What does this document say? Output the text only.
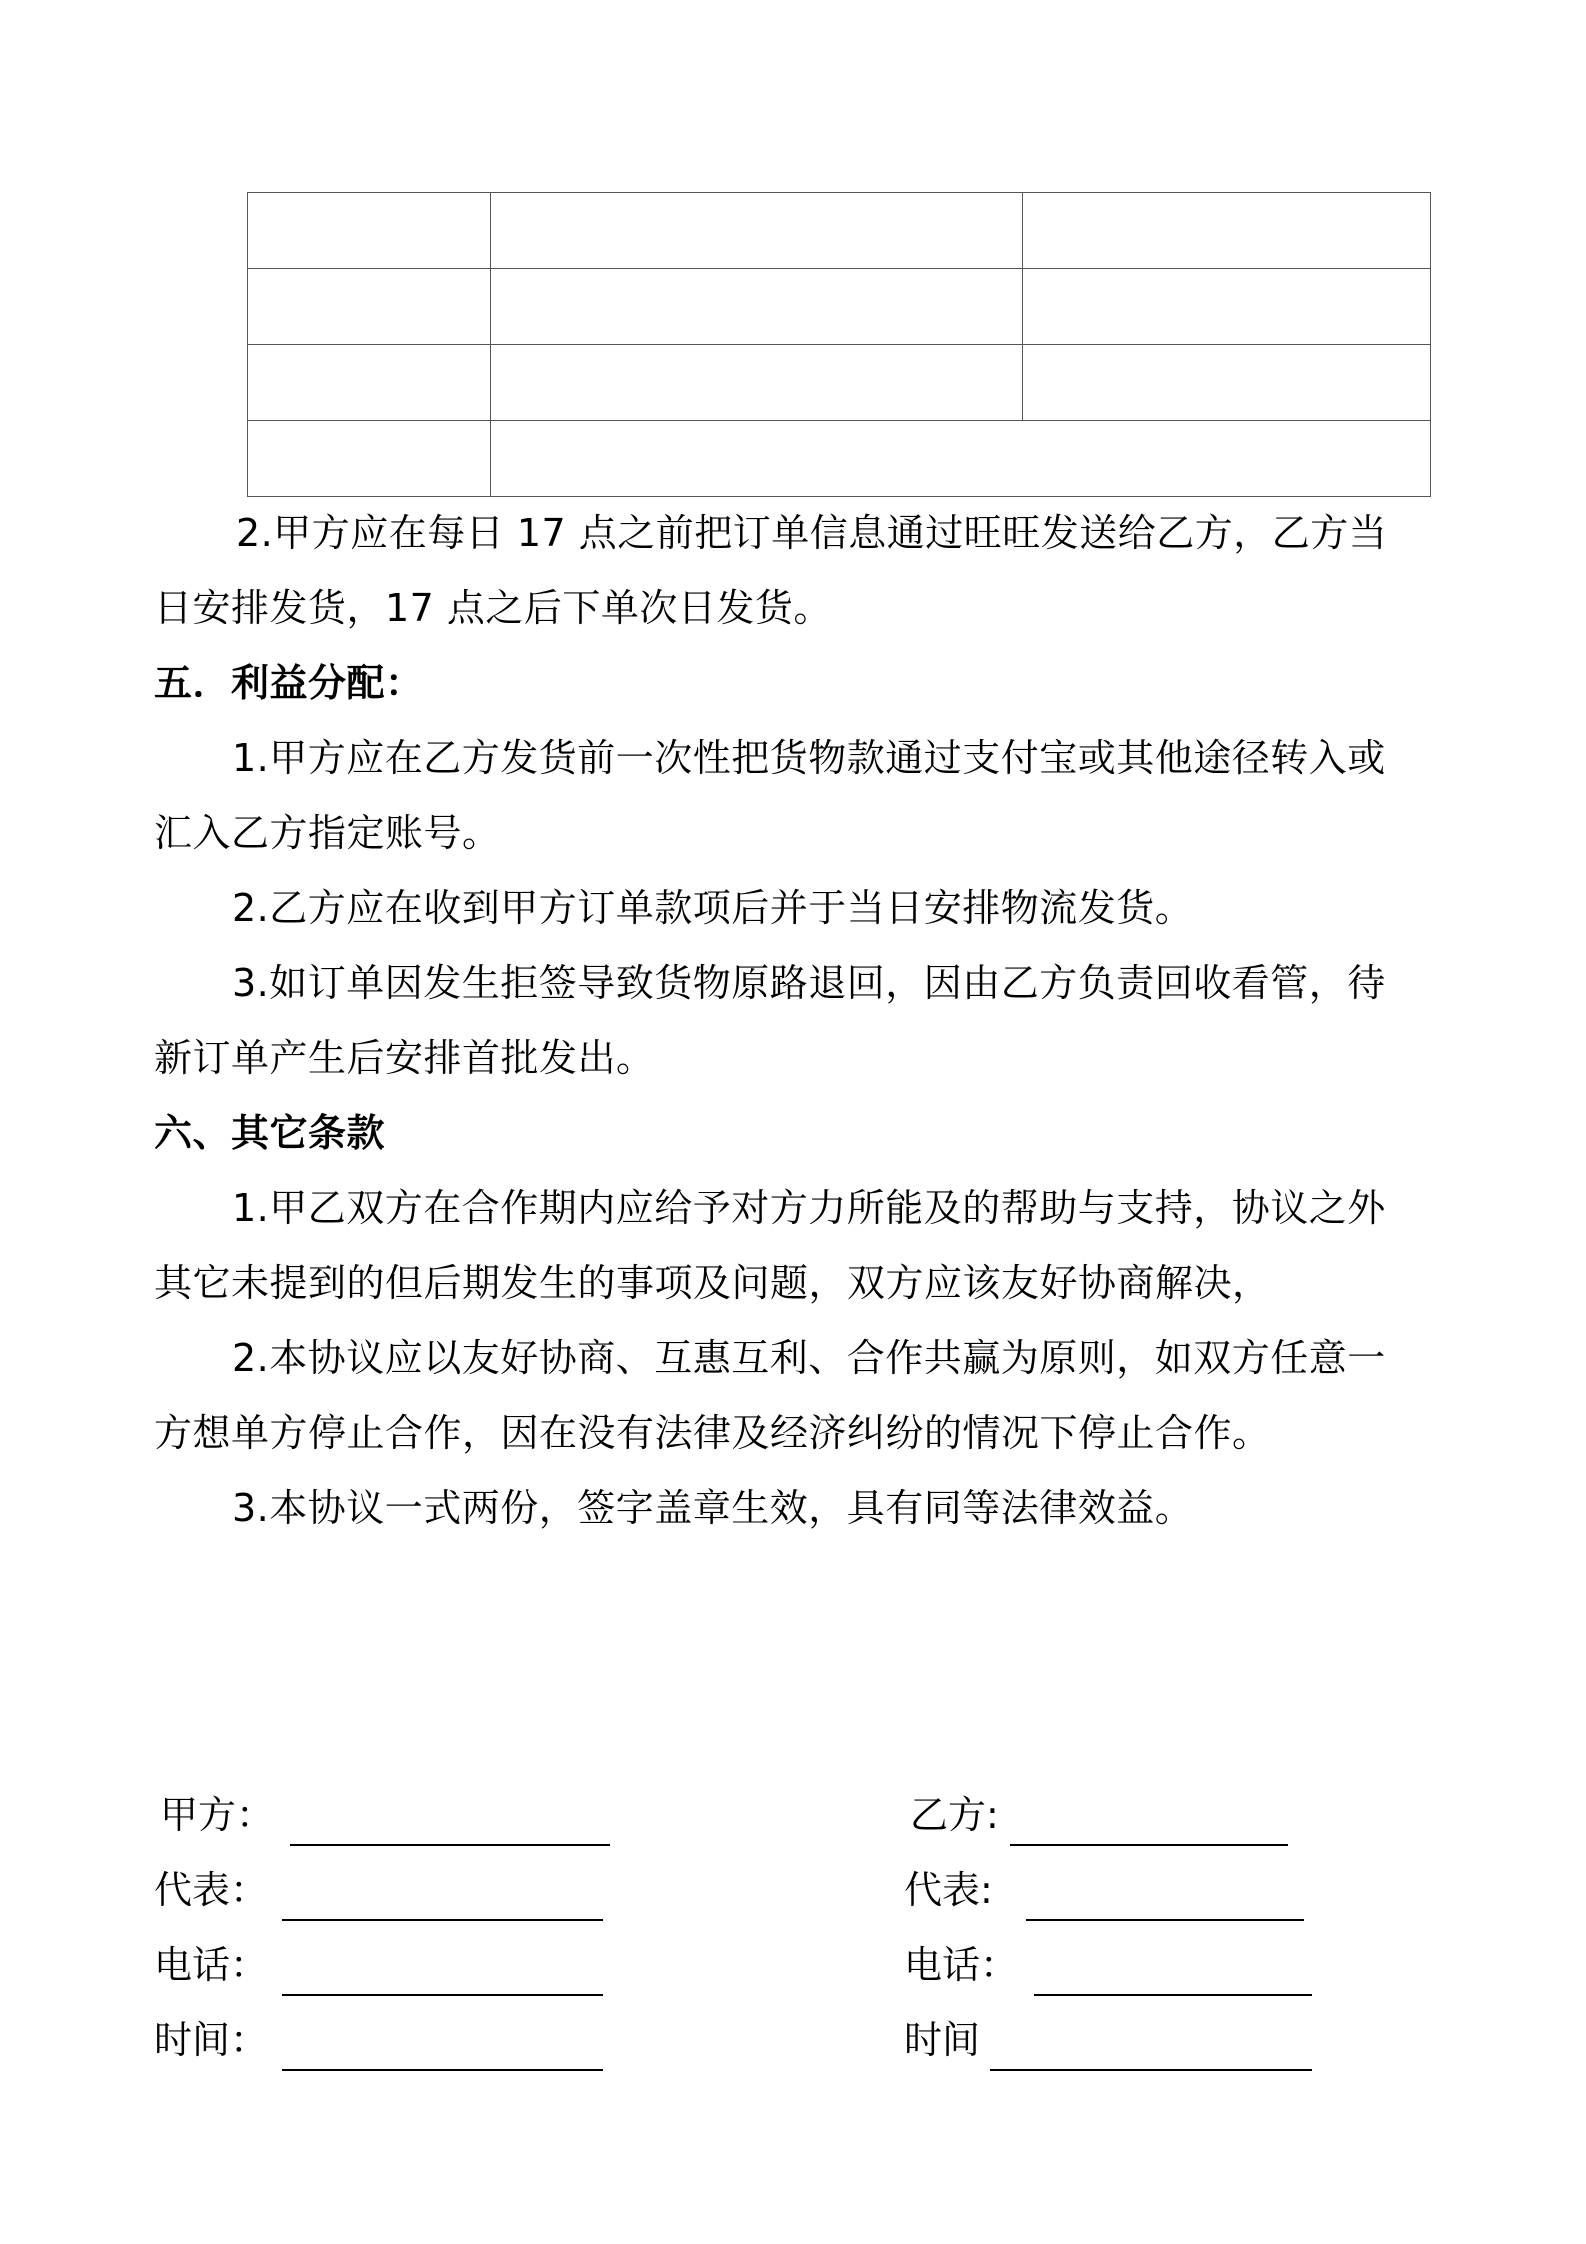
2.甲方应在每日 17 点之前把订单信息通过旺旺发送给乙方，乙方当
日安排发货，17 点之后下单次日发货。
五．利益分配：
1.甲方应在乙方发货前一次性把货物款通过支付宝或其他途径转入或
汇入乙方指定账号。
2.乙方应在收到甲方订单款项后并于当日安排物流发货。
3.如订单因发生拒签导致货物原路退回，因由乙方负责回收看管，待
新订单产生后安排首批发出。
六、其它条款
1.甲乙双方在合作期内应给予对方力所能及的帮助与支持，协议之外
其它未提到的但后期发生的事项及问题，双方应该友好协商解决，
2.本协议应以友好协商、互惠互利、合作共赢为原则，如双方任意一
方想单方停止合作，因在没有法律及经济纠纷的情况下停止合作。
3.本协议一式两份，签字盖章生效，具有同等法律效益。
甲方：
代表：
电话：
时间：
乙方:
代表:
电话：
时间
